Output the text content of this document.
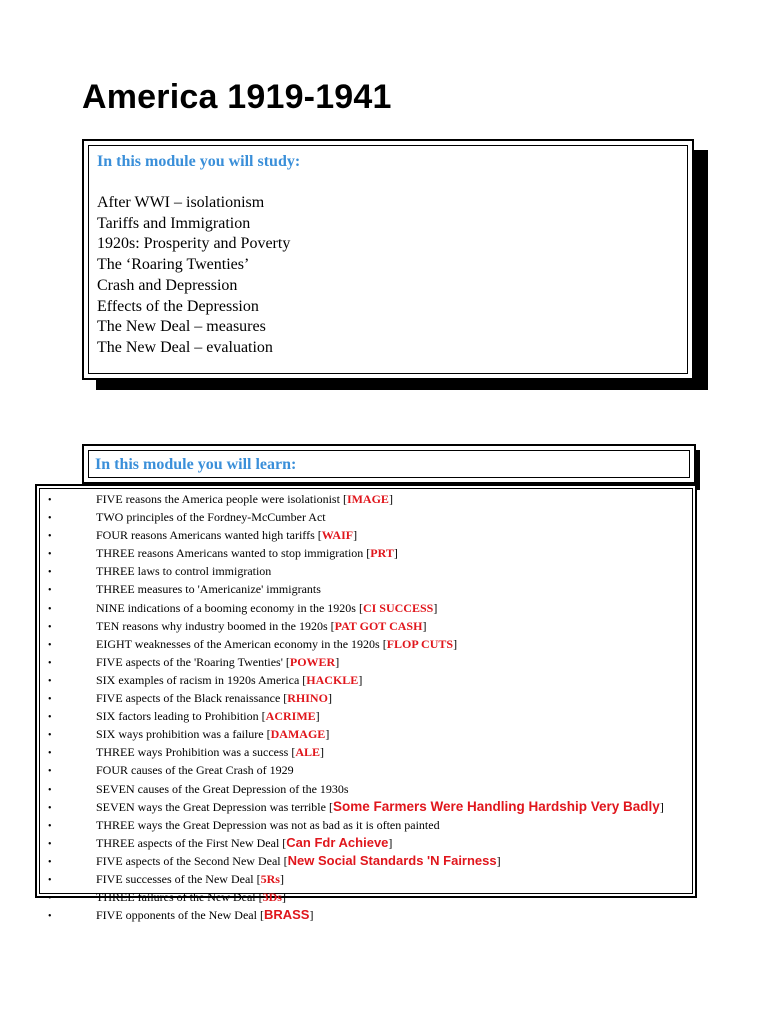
America 1919-1941
In this module you will study:
After WWI – isolationism
Tariffs and Immigration
1920s: Prosperity and Poverty
The ‘Roaring Twenties’
Crash and Depression
Effects of the Depression
The New Deal – measures
The New Deal – evaluation
In this module you will learn:
•	FIVE reasons the America people were isolationist [IMAGE]
•	TWO principles of the Fordney-McCumber Act
•	FOUR reasons Americans wanted high tariffs [WAIF]
•	THREE reasons Americans wanted to stop immigration [PRT]
•	THREE laws to control immigration
•	THREE measures to 'Americanize' immigrants
•	NINE indications of a booming economy in the 1920s [CI SUCCESS]
•	TEN reasons why industry boomed in the 1920s [PAT GOT CASH]
•	EIGHT weaknesses of the American economy in the 1920s [FLOP CUTS]
•	FIVE aspects of the 'Roaring Twenties' [POWER]
•	SIX examples of racism in 1920s America [HACKLE]
•	FIVE aspects of the Black renaissance [RHINO]
•	SIX factors leading to Prohibition [ACRIME]
•	SIX ways prohibition was a failure [DAMAGE]
•	THREE ways Prohibition was a success [ALE]
•	FOUR causes of the Great Crash of 1929
•	SEVEN causes of the Great Depression of the 1930s
•	SEVEN ways the Great Depression was terrible [Some Farmers Were Handling Hardship Very Badly]
•	THREE ways the Great Depression was not as bad as it is often painted
•	THREE aspects of the First New Deal [Can Fdr Achieve]
•	FIVE aspects of the Second New Deal [New Social Standards 'N Fairness]
•	FIVE successes of the New Deal [5Rs]
•	THREE failures of the New Deal [3Ds]
•	FIVE opponents of the New Deal [BRASS]
